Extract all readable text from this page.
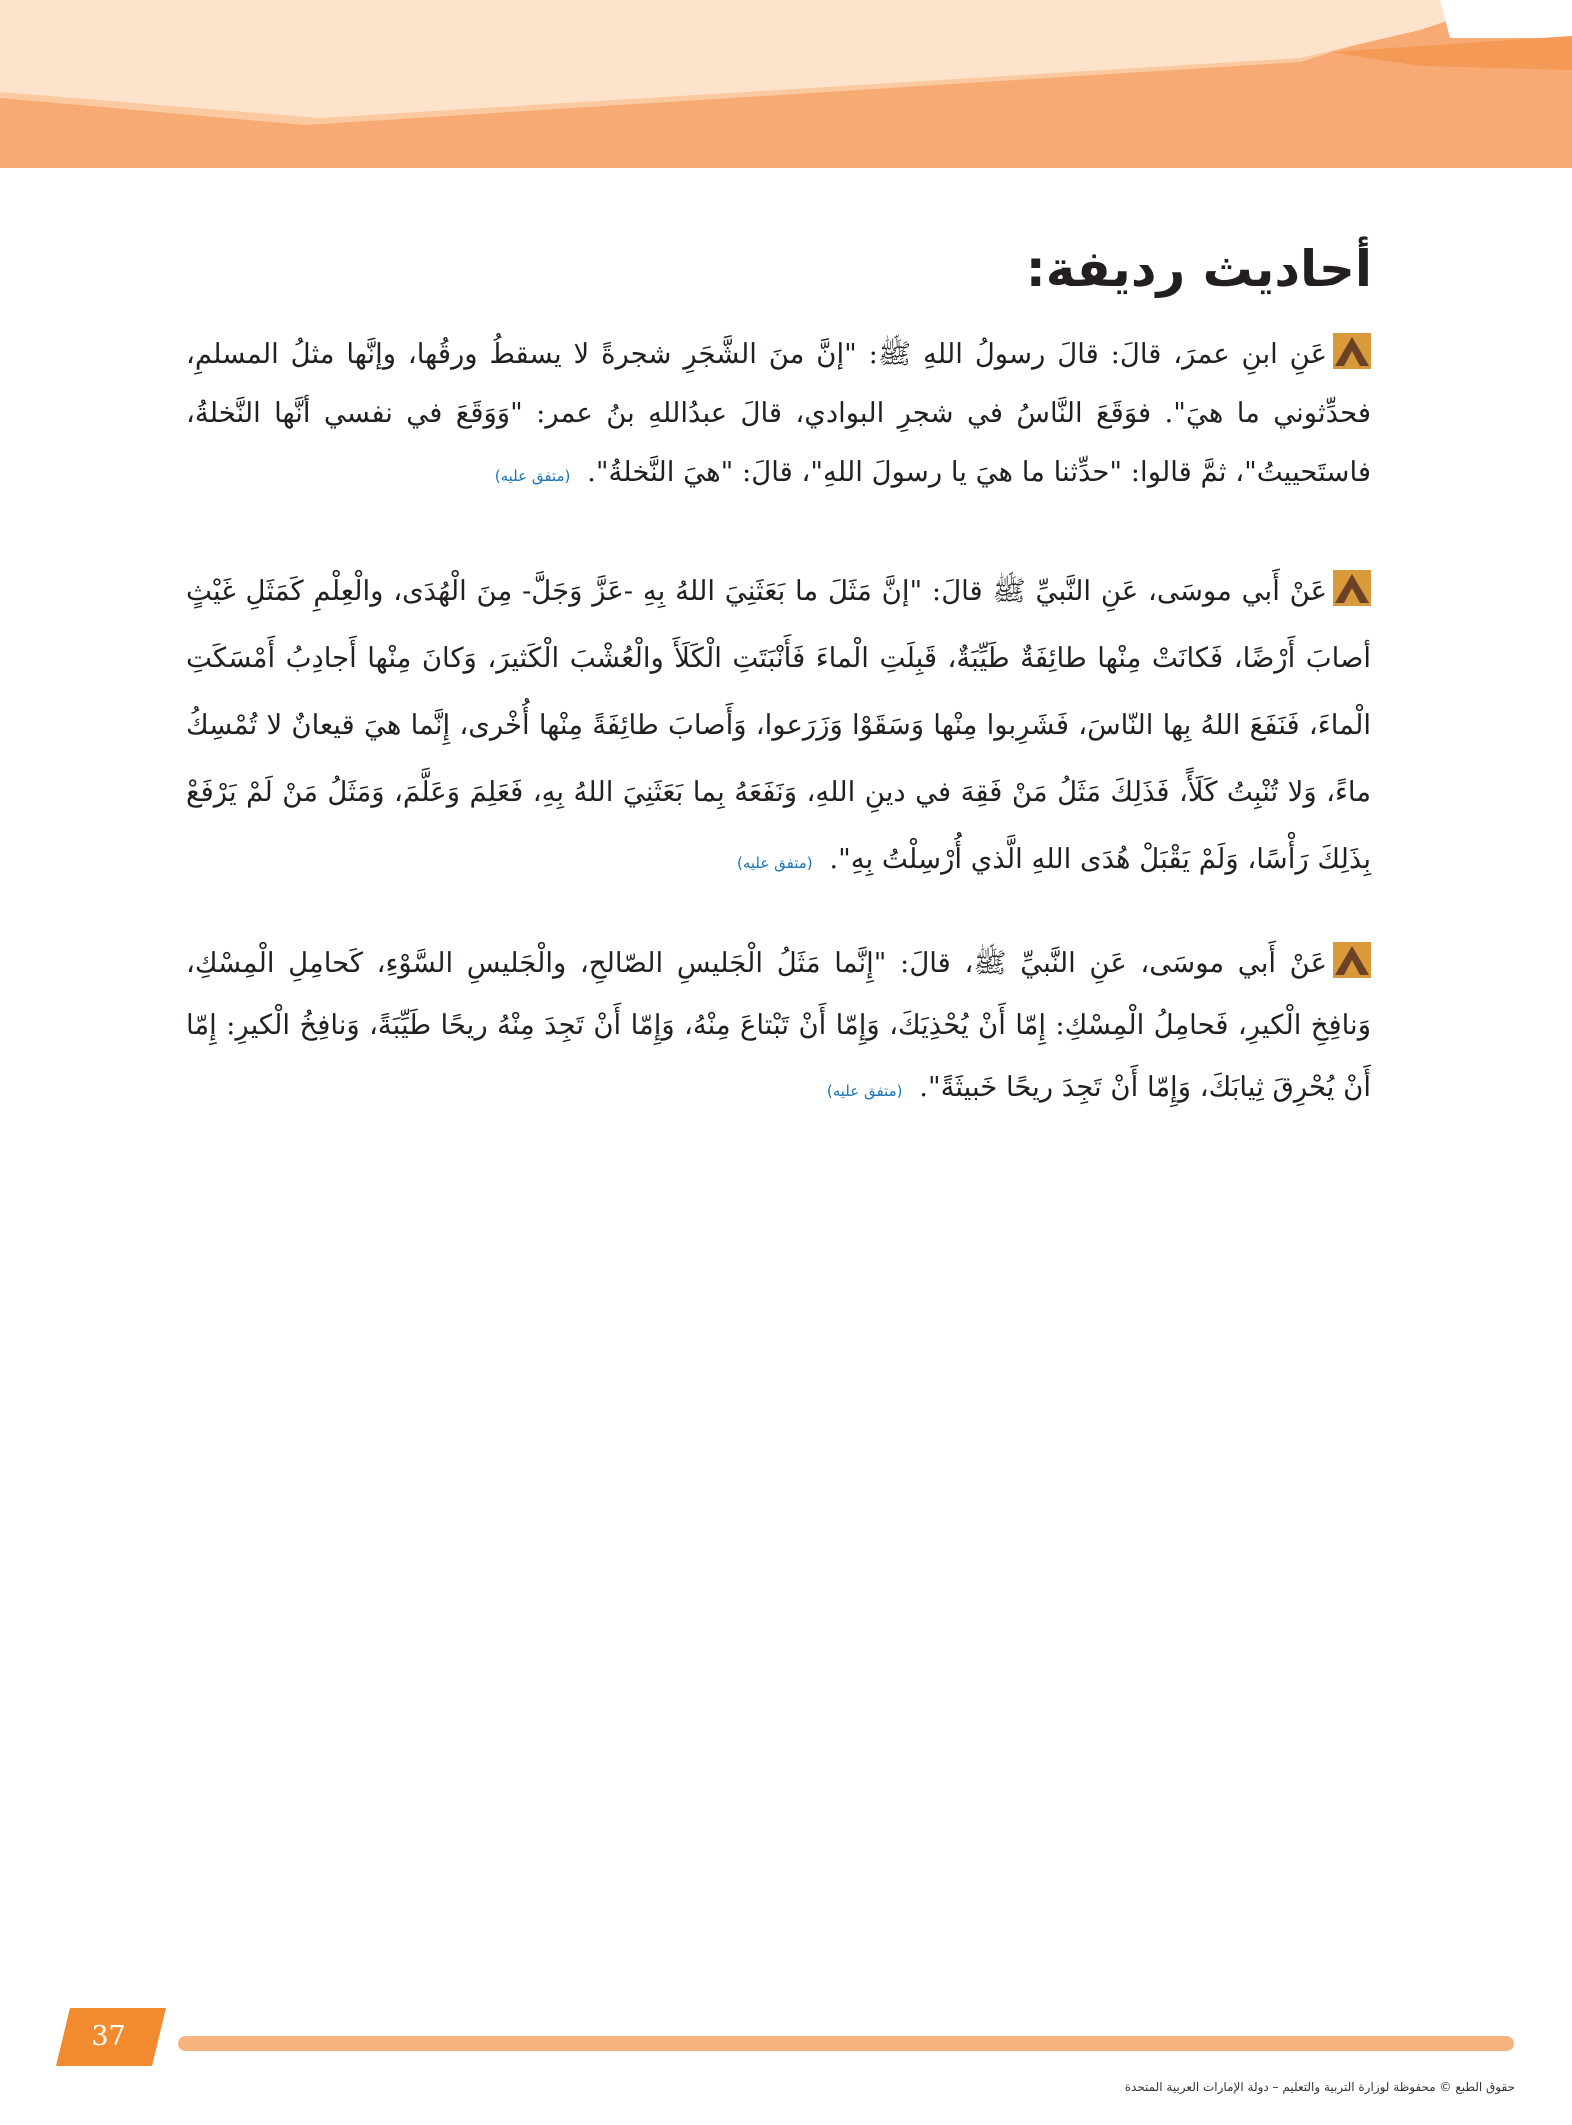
أحاديث رديفة:
عَنِ ابنِ عمرَ، قالَ: قالَ رسولُ اللهِ ﷺ: "إنَّ منَ الشَّجَرِ شجرةً لا يسقطُ ورقُها، وإنَّها مثلُ المسلمِ، فحدِّثوني ما هيَ". فوَقَعَ النَّاسُ في شجرِ البوادي، قالَ عبدُاللهِ بنُ عمر: "وَوَقَعَ في نفسي أنَّها النَّخلةُ، فاستَحييتُ"، ثمَّ قالوا: "حدِّثنا ما هيَ يا رسولَ اللهِ"، قالَ: "هيَ النَّخلةُ". (متفق عليه)
عَنْ أَبي موسَى، عَنِ النَّبيِّ ﷺ قالَ: "إنَّ مَثَلَ ما بَعَثَنِيَ اللهُ بِهِ -عَزَّ وَجَلَّ- مِنَ الْهُدَى، والْعِلْمِ كَمَثَلِ غَيْثٍ أصابَ أَرْضًا، فَكانَتْ مِنْها طائِفَةٌ طَيِّبَةٌ، قَبِلَتِ الْماءَ فَأَنْبَتَتِ الْكَلَأَ والْعُشْبَ الْكَثيرَ، وَكانَ مِنْها أَجادِبُ أَمْسَكَتِ الْماءَ، فَنَفَعَ اللهُ بِها النّاسَ، فَشَرِبوا مِنْها وَسَقَوْا وَزَرَعوا، وَأَصابَ طائِفَةً مِنْها أُخْرى، إِنَّما هيَ قيعانٌ لا تُمْسِكُ ماءً، وَلا تُنْبِتُ كَلَأً، فَذَلِكَ مَثَلُ مَنْ فَقِهَ في دينِ اللهِ، وَنَفَعَهُ بِما بَعَثَنِيَ اللهُ بِهِ، فَعَلِمَ وَعَلَّمَ، وَمَثَلُ مَنْ لَمْ يَرْفَعْ بِذَلِكَ رَأْسًا، وَلَمْ يَقْبَلْ هُدَى اللهِ الَّذي أُرْسِلْتُ بِهِ". (متفق عليه)
عَنْ أَبي موسَى، عَنِ النَّبيِّ ﷺ، قالَ: "إِنَّما مَثَلُ الْجَليسِ الصّالحِ، والْجَليسِ السَّوْءِ، كَحامِلِ الْمِسْكِ، وَنافِخِ الْكيرِ، فَحامِلُ الْمِسْكِ: إِمّا أَنْ يُحْذِيَكَ، وَإِمّا أَنْ تَبْتاعَ مِنْهُ، وَإِمّا أَنْ تَجِدَ مِنْهُ ريحًا طَيِّبَةً، وَنافِخُ الْكيرِ: إِمّا أَنْ يُحْرِقَ ثِيابَكَ، وَإِمّا أَنْ تَجِدَ ريحًا خَبيثَةً". (متفق عليه)
37
حقوق الطبع © محفوظة لوزارة التربية والتعليم – دولة الإمارات العربية المتحدة
